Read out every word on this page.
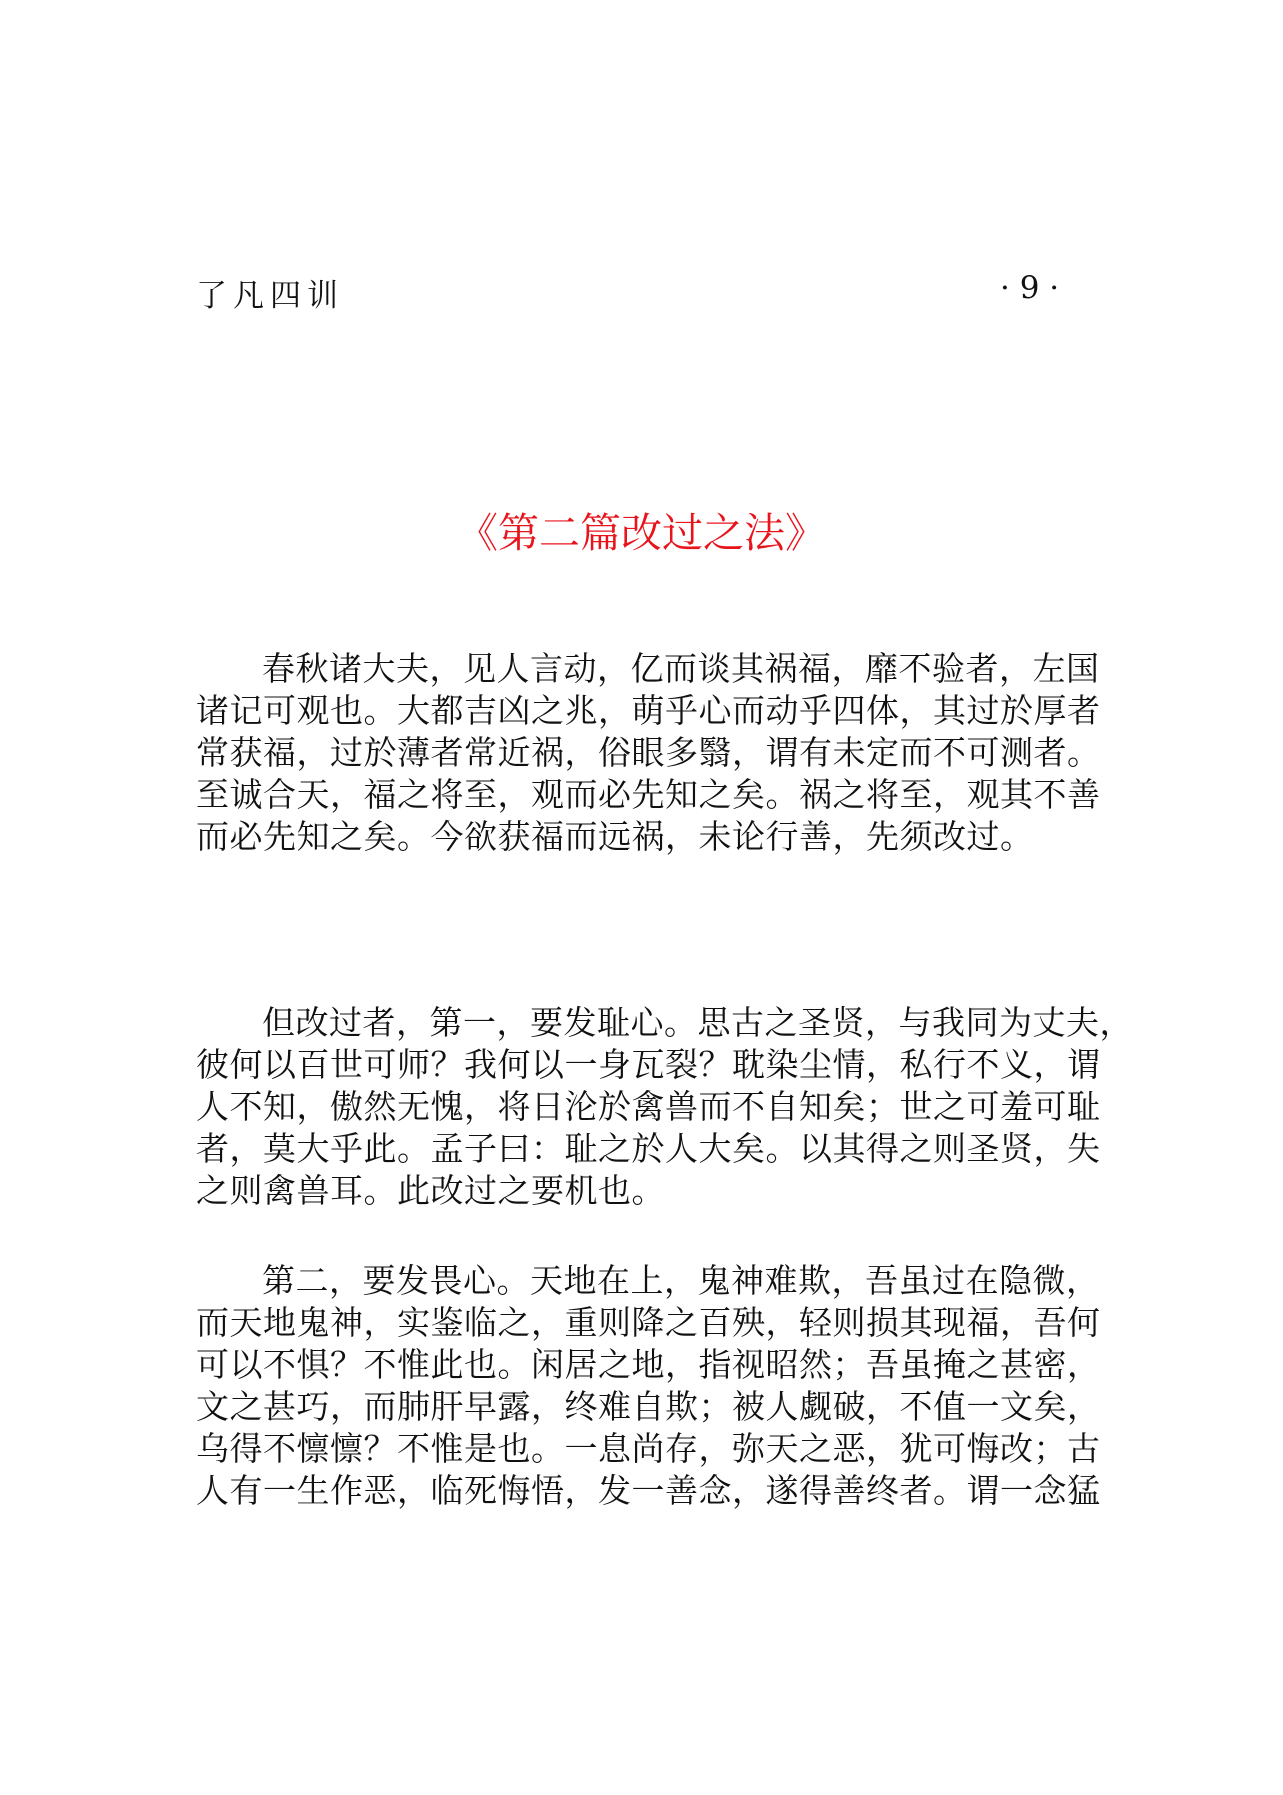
了凡四训	· 9 ·
《第二篇改过之法》
春秋诸大夫，见人言动，亿而谈其祸福，靡不验者，左国
诸记可观也。大都吉凶之兆，萌乎心而动乎四体，其过於厚者
常获福，过於薄者常近祸，俗眼多翳，谓有未定而不可测者。
至诚合天，福之将至，观而必先知之矣。祸之将至，观其不善
而必先知之矣。今欲获福而远祸，未论行善，先须改过。
但改过者，第一，要发耻心。思古之圣贤，与我同为丈夫，
彼何以百世可师？我何以一身瓦裂？耽染尘情，私行不义，谓
人不知，傲然无愧，将日沦於禽兽而不自知矣；世之可羞可耻
者，莫大乎此。孟子曰：耻之於人大矣。以其得之则圣贤，失
之则禽兽耳。此改过之要机也。
第二，要发畏心。天地在上，鬼神难欺，吾虽过在隐微，
而天地鬼神，实鉴临之，重则降之百殃，轻则损其现福，吾何
可以不惧？不惟此也。闲居之地，指视昭然；吾虽掩之甚密，
文之甚巧，而肺肝早露，终难自欺；被人觑破，不值一文矣，
乌得不懔懔？不惟是也。一息尚存，弥天之恶，犹可悔改；古
人有一生作恶，临死悔悟，发一善念，遂得善终者。谓一念猛
